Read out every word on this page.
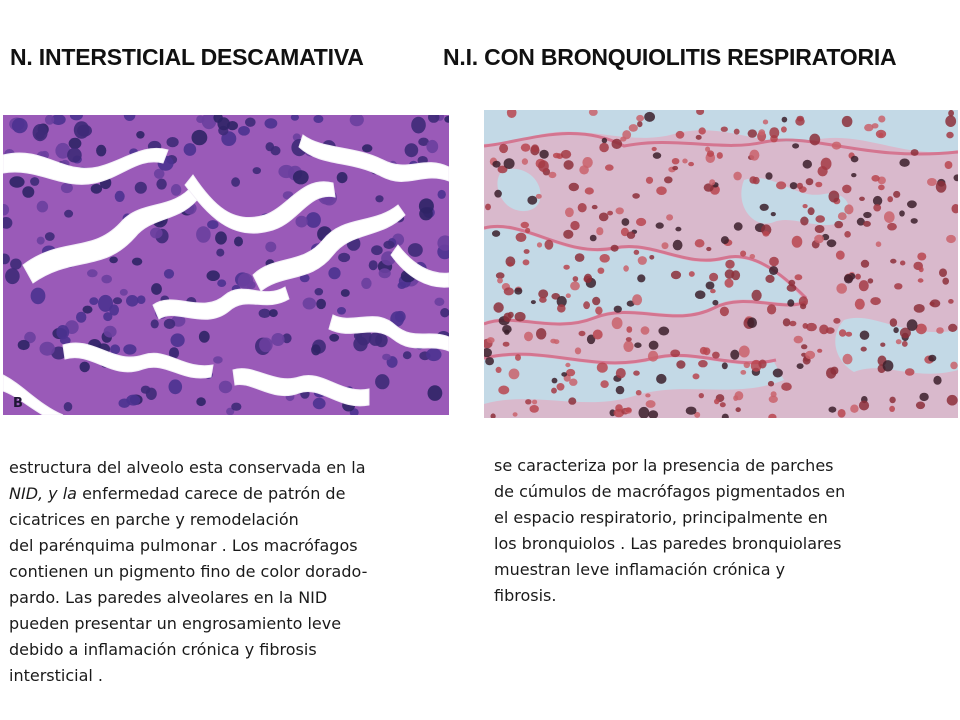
N. INTERSTICIAL DESCAMATIVA	N.I. CON BRONQUIOLITIS RESPIRATORIA
B
estructura del alveolo esta conservada en la
NID, y la enfermedad carece de patrón de
cicatrices en parche y remodelación
del parénquima pulmonar . Los macrófagos
contienen un pigmento fino de color dorado-
pardo. Las paredes alveolares en la NID
pueden presentar un engrosamiento leve
debido a inflamación crónica y fibrosis
intersticial .
se caracteriza por la presencia de parches
de cúmulos de macrófagos pigmentados en
el espacio respiratorio, principalmente en
los bronquiolos . Las paredes bronquiolares
muestran leve inflamación crónica y
fibrosis.
